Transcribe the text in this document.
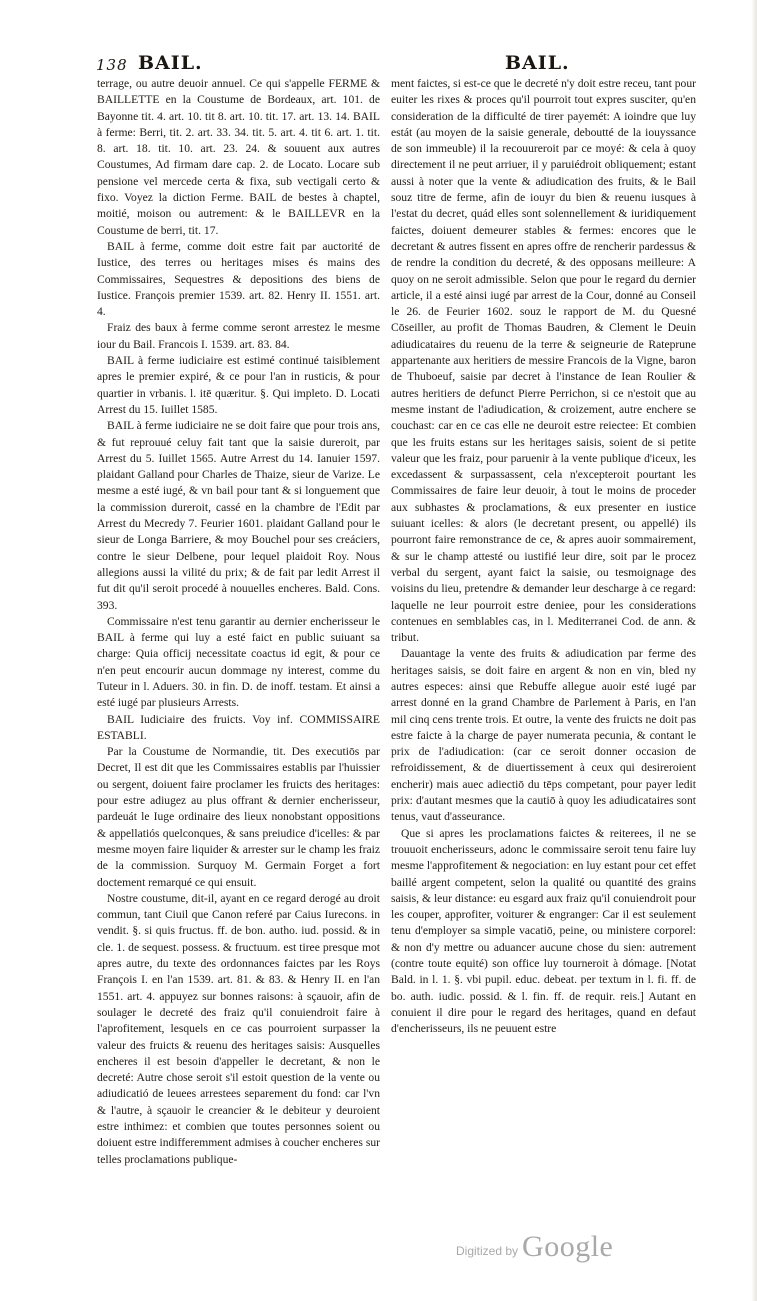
138 BAIL.	BAIL.

terrage, ou autre deuoir annuel. Ce qui s'appelle FERME & BAILLETTE en la Coustume de Bordeaux, art. 101. de Bayonne tit. 4. art. 10. tit 8. art. 10. tit. 17. art. 13. 14. BAIL à ferme: Berri, tit. 2. art. 33. 34. tit. 5. art. 4. tit 6. art. 1. tit. 8. art. 18. tit. 10. art. 23. 24. & souuent aux autres Coustumes, Ad firmam dare cap. 2. de Locato. Locare sub pensione vel mercede certa & fixa, sub vectigali certo & fixo. Voyez la diction Ferme. BAIL de bestes à chaptel, moitié, moison ou autrement: & le BAILLEVR en la Coustume de berri, tit. 17.

BAIL à ferme, comme doit estre fait par auctorité de Iustice, des terres ou heritages mises és mains des Commissaires, Sequestres & depositions des biens de Iustice. François premier 1539. art. 82. Henry II. 1551. art. 4.

Fraiz des baux à ferme comme seront arrestez le mesme iour du Bail. Francois I. 1539. art. 83. 84.

BAIL à ferme iudiciaire est estimé continué taisiblement apres le premier expiré, & ce pour l'an in rusticis, & pour quartier in vrbanis. l. itē quæritur. §. Qui impleto. D. Locati Arrest du 15. Iuillet 1585.

BAIL à ferme iudiciaire ne se doit faire que pour trois ans, & fut reprouué celuy fait tant que la saisie dureroit, par Arrest du 5. Iuillet 1565. Autre Arrest du 14. Ianuier 1597. plaidant Galland pour Charles de Thaize, sieur de Varize. Le mesme a esté iugé, & vn bail pour tant & si longuement que la commission dureroit, cassé en la chambre de l'Edit par Arrest du Mecredy 7. Feurier 1601. plaidant Galland pour le sieur de Longa Barriere, & moy Bouchel pour ses creáciers, contre le sieur Delbene, pour lequel plaidoit Roy. Nous allegions aussi la vilité du prix; & de fait par ledit Arrest il fut dit qu'il seroit procedé à nouuelles encheres. Bald. Cons. 393.

Commissaire n'est tenu garantir au dernier encherisseur le BAIL à ferme qui luy a esté faict en public suiuant sa charge: Quia officij necessitate coactus id egit, & pour ce n'en peut encourir aucun dommage ny interest, comme du Tuteur in l. Aduers. 30. in fin. D. de inoff. testam. Et ainsi a esté iugé par plusieurs Arrests.

BAIL Iudiciaire des fruicts. Voy inf. COMMISSAIRE ESTABLI.

Par la Coustume de Normandie, tit. Des executiōs par Decret, Il est dit que les Commissaires establis par l'huissier ou sergent, doiuent faire proclamer les fruicts des heritages: pour estre adiugez au plus offrant & dernier encherisseur, pardeuát le Iuge ordinaire des lieux nonobstant oppositions & appellatiós quelconques, & sans preiudice d'icelles: & par mesme moyen faire liquider & arrester sur le champ les fraiz de la commission. Surquoy M. Germain Forget a fort doctement remarqué ce qui ensuit.

Nostre coustume, dit-il, ayant en ce regard derogé au droit commun, tant Ciuil que Canon referé par Caius Iurecons. in vendit. §. si quis fructus. ff. de bon. autho. iud. possid. & in cle. 1. de sequest. possess. & fructuum. est tiree presque mot apres autre, du texte des ordonnances faictes par les Roys François I. en l'an 1539. art. 81. & 83. & Henry II. en l'an 1551. art. 4. appuyez sur bonnes raisons: à sçauoir, afin de soulager le decreté des fraiz qu'il conuiendroit faire à l'aprofitement, lesquels en ce cas pourroient surpasser la valeur des fruicts & reuenu des heritages saisis: Ausquelles encheres il est besoin d'appeller le decretant, & non le decreté: Autre chose seroit s'il estoit question de la vente ou adiudicatió de leuees arrestees separement du fond: car l'vn & l'autre, à sçauoir le creancier & le debiteur y deuroient estre inthimez: et combien que toutes personnes soient ou doiuent estre indifferemment admises à coucher encheres sur telles proclamations publique-

ment faictes, si est-ce que le decreté n'y doit estre receu, tant pour euiter les rixes & proces qu'il pourroit tout expres susciter, qu'en consideration de la difficulté de tirer payemét: A ioindre que luy estát (au moyen de la saisie generale, deboutté de la iouyssance de son immeuble) il la recouureroit par ce moyé: & cela à quoy directement il ne peut arriuer, il y paruiédroit obliquement; estant aussi à noter que la vente & adiudication des fruits, & le Bail souz titre de ferme, afin de iouyr du bien & reuenu iusques à l'estat du decret, quád elles sont solennellement & iuridiquement faictes, doiuent demeurer stables & fermes: encores que le decretant & autres fissent en apres offre de rencherir pardessus & de rendre la condition du decreté, & des opposans meilleure: A quoy on ne seroit admissible. Selon que pour le regard du dernier article, il a esté ainsi iugé par arrest de la Cour, donné au Conseil le 26. de Feurier 1602. souz le rapport de M. du Quesné Cōseiller, au profit de Thomas Baudren, & Clement le Deuin adiudicataires du reuenu de la terre & seigneurie de Rateprune appartenante aux heritiers de messire Francois de la Vigne, baron de Thuboeuf, saisie par decret à l'instance de Iean Roulier & autres heritiers de defunct Pierre Perrichon, si ce n'estoit que au mesme instant de l'adiudication, & croizement, autre enchere se couchast: car en ce cas elle ne deuroit estre reiectee: Et combien que les fruits estans sur les heritages saisis, soient de si petite valeur que les fraiz, pour paruenir à la vente publique d'iceux, les excedassent & surpassassent, cela n'excepteroit pourtant les Commissaires de faire leur deuoir, à tout le moins de proceder aux subhastes & proclamations, & eux presenter en iustice suiuant icelles: & alors (le decretant present, ou appellé) ils pourront faire remonstrance de ce, & apres auoir sommairement, & sur le champ attesté ou iustifié leur dire, soit par le procez verbal du sergent, ayant faict la saisie, ou tesmoignage des voisins du lieu, pretendre & demander leur descharge à ce regard: laquelle ne leur pourroit estre deniee, pour les considerations contenues en semblables cas, in l. Mediterranei Cod. de ann. & tribut.

Dauantage la vente des fruits & adiudication par ferme des heritages saisis, se doit faire en argent & non en vin, bled ny autres especes: ainsi que Rebuffe allegue auoir esté iugé par arrest donné en la grand Chambre de Parlement à Paris, en l'an mil cinq cens trente trois. Et outre, la vente des fruicts ne doit pas estre faicte à la charge de payer numerata pecunia, & contant le prix de l'adiudication: (car ce seroit donner occasion de refroidissement, & de diuertissement à ceux qui desireroient encherir) mais auec adiectiō du tēps competant, pour payer ledit prix: d'autant mesmes que la cautiō à quoy les adiudicataires sont tenus, vaut d'asseurance.

Que si apres les proclamations faictes & reiterees, il ne se trouuoit encherisseurs, adonc le commissaire seroit tenu faire luy mesme l'approfitement & negociation: en luy estant pour cet effet baillé argent competent, selon la qualité ou quantité des grains saisis, & leur distance: eu esgard aux fraiz qu'il conuiendroit pour les couper, approfiter, voiturer & engranger: Car il est seulement tenu d'employer sa simple vacatiō, peine, ou ministere corporel: & non d'y mettre ou aduancer aucune chose du sien: autrement (contre toute equité) son office luy tourneroit à dómage. [Notat Bald. in l. 1. §. vbi pupil. educ. debeat. per textum in l. fi. ff. de bo. auth. iudic. possid. & l. fin. ff. de requir. reis.] Autant en conuient il dire pour le regard des heritages, quand en defaut d'encherisseurs, ils ne peuuent estre

Digitized by Google
